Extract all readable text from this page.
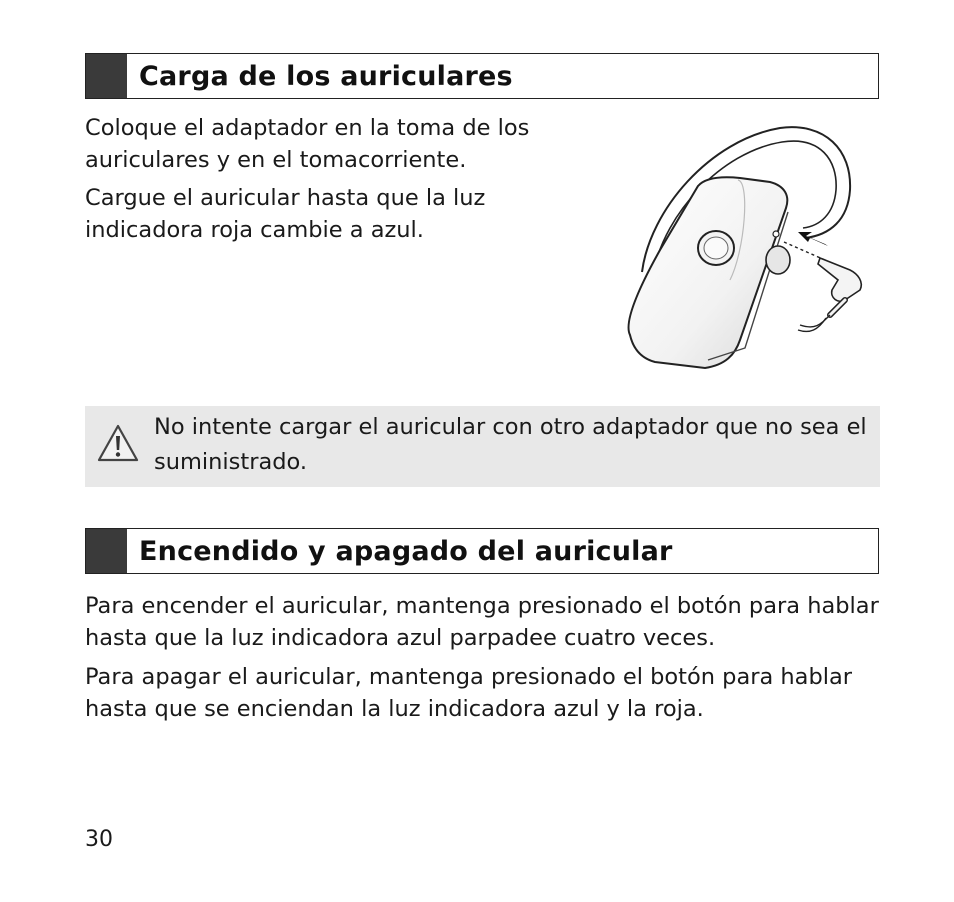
Carga de los auriculares

Coloque el adaptador en la toma de los auriculares y en el tomacorriente.

Cargue el auricular hasta que la luz indicadora roja cambie a azul.

No intente cargar el auricular con otro adaptador que no sea el suministrado.

Encendido y apagado del auricular

Para encender el auricular, mantenga presionado el botón para hablar hasta que la luz indicadora azul parpadee cuatro veces.

Para apagar el auricular, mantenga presionado el botón para hablar hasta que se enciendan la luz indicadora azul y la roja.

30
